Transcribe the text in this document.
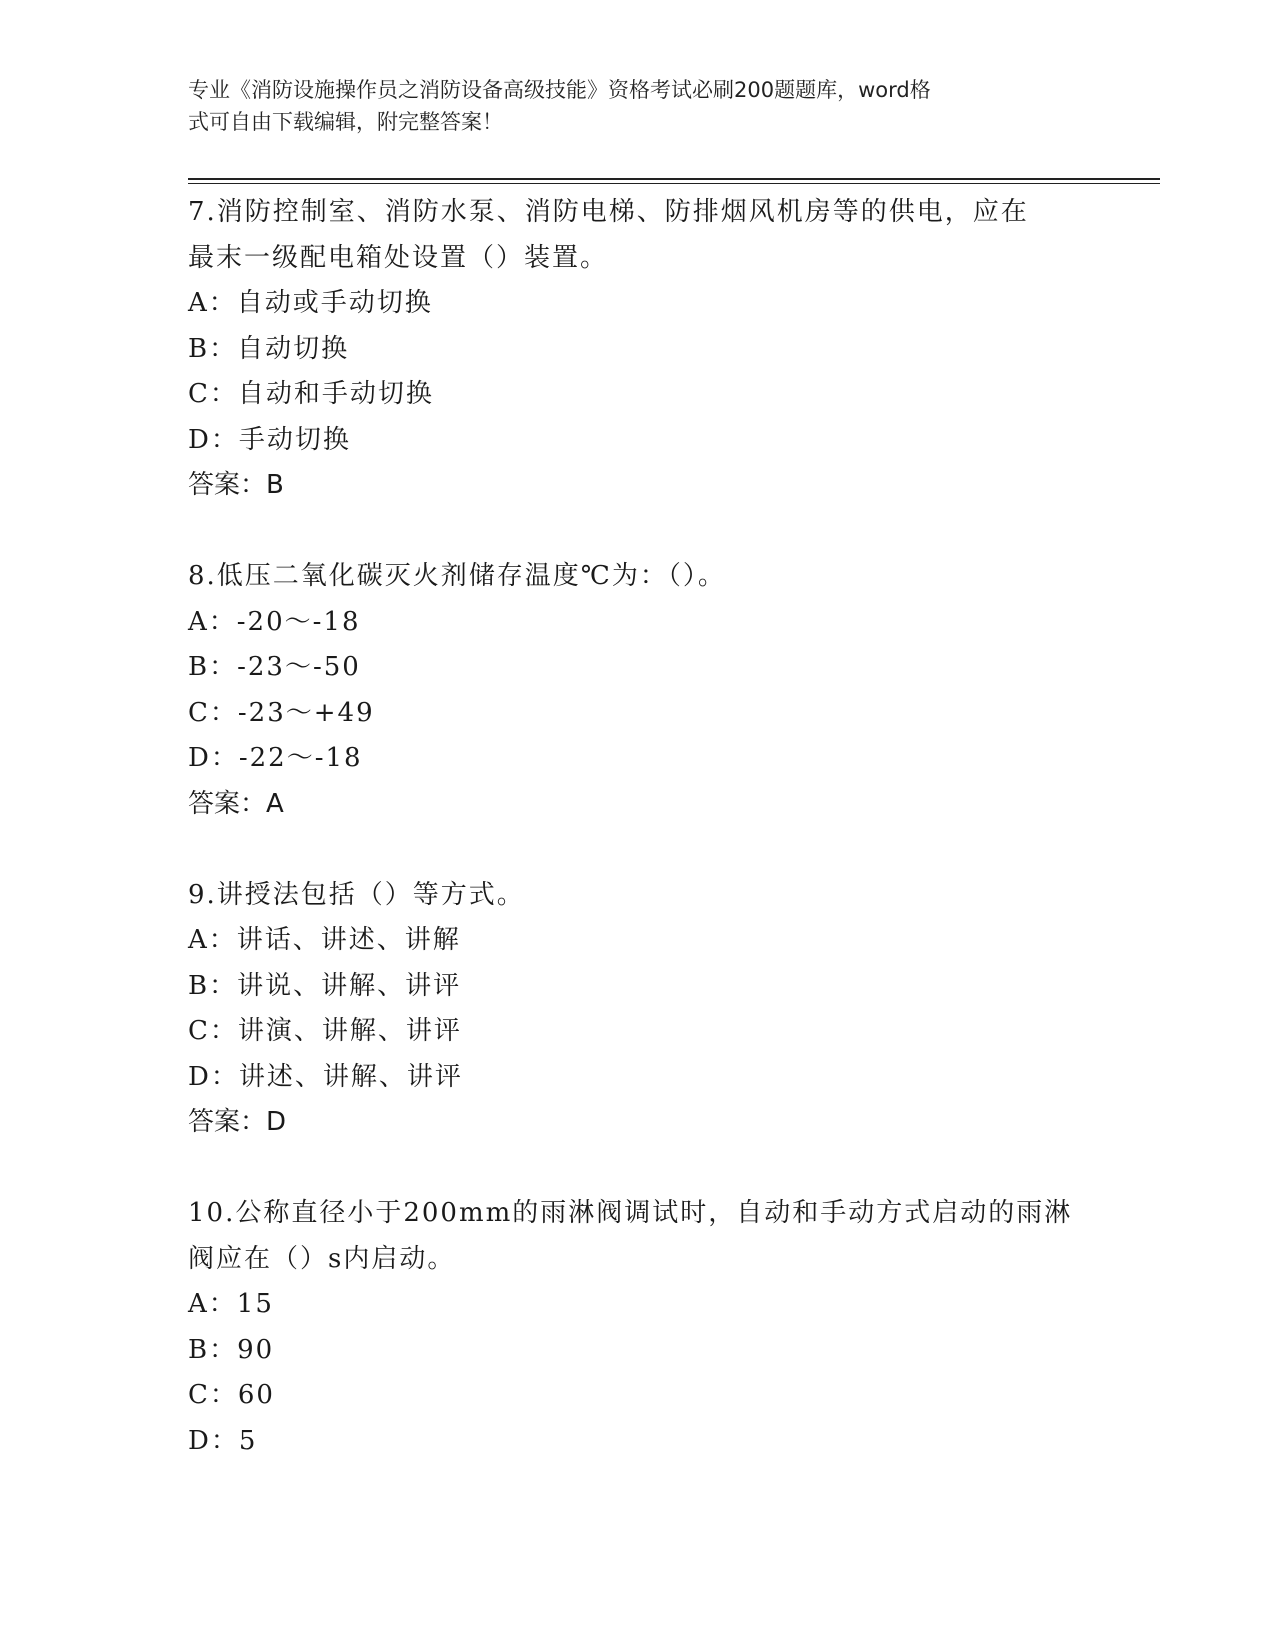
专业《消防设施操作员之消防设备高级技能》资格考试必刷200题题库，word格

式可自由下载编辑，附完整答案！

7.消防控制室、消防水泵、消防电梯、防排烟风机房等的供电，应在
最末一级配电箱处设置（）装置。
A：自动或手动切换
B：自动切换
C：自动和手动切换
D：手动切换
答案：B
8.低压二氧化碳灭火剂储存温度℃为：（）。
A：-20～-18
B：-23～-50
C：-23～+49
D：-22～-18
答案：A
9.讲授法包括（）等方式。
A：讲话、讲述、讲解
B：讲说、讲解、讲评
C：讲演、讲解、讲评
D：讲述、讲解、讲评
答案：D
10.公称直径小于200mm的雨淋阀调试时，自动和手动方式启动的雨淋
阀应在（）s内启动。
A：15
B：90
C：60
D：5
